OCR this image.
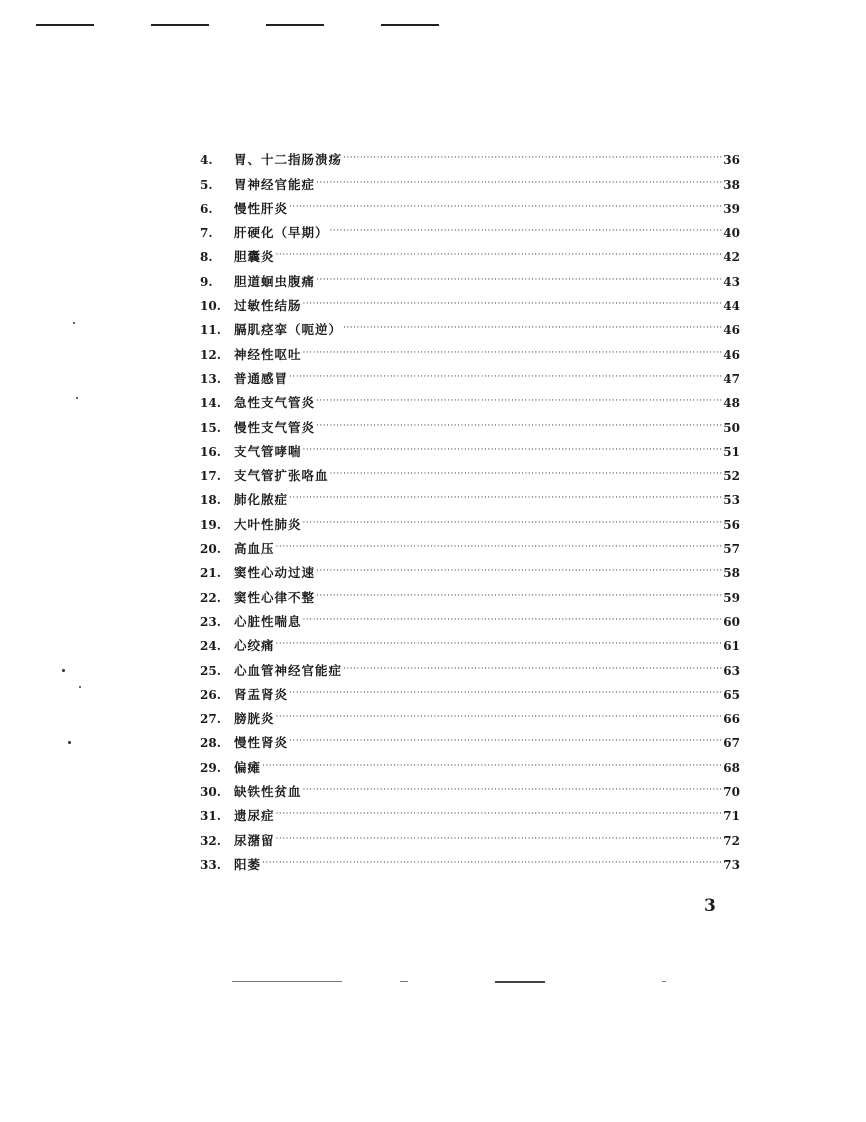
4.	胃、十二指肠溃疡 ·····	36
5.	胃神经官能症 ·····	38
6.	慢性肝炎 ·····	39
7.	肝硬化（早期） ·····	40
8.	胆囊炎 ·····	42
9.	胆道蛔虫腹痛 ·····	43
10.	过敏性结肠 ·····	44
11.	膈肌痉挛（呃逆） ·····	46
12.	神经性呕吐 ·····	46
13.	普通感冒 ·····	47
14.	急性支气管炎 ·····	48
15.	慢性支气管炎 ·····	50
16.	支气管哮喘 ·····	51
17.	支气管扩张咯血 ·····	52
18.	肺化脓症 ·····	53
19.	大叶性肺炎 ·····	56
20.	高血压 ·····	57
21.	窦性心动过速 ·····	58
22.	窦性心律不整 ·····	59
23.	心脏性喘息 ·····	60
24.	心绞痛 ·····	61
25.	心血管神经官能症 ·····	63
26.	肾盂肾炎 ·····	65
27.	膀胱炎 ·····	66
28.	慢性肾炎 ·····	67
29.	偏瘫 ·····	68
30.	缺铁性贫血 ·····	70
31.	遗尿症 ·····	71
32.	尿潴留 ·····	72
33.	阳萎 ·····	73
3
